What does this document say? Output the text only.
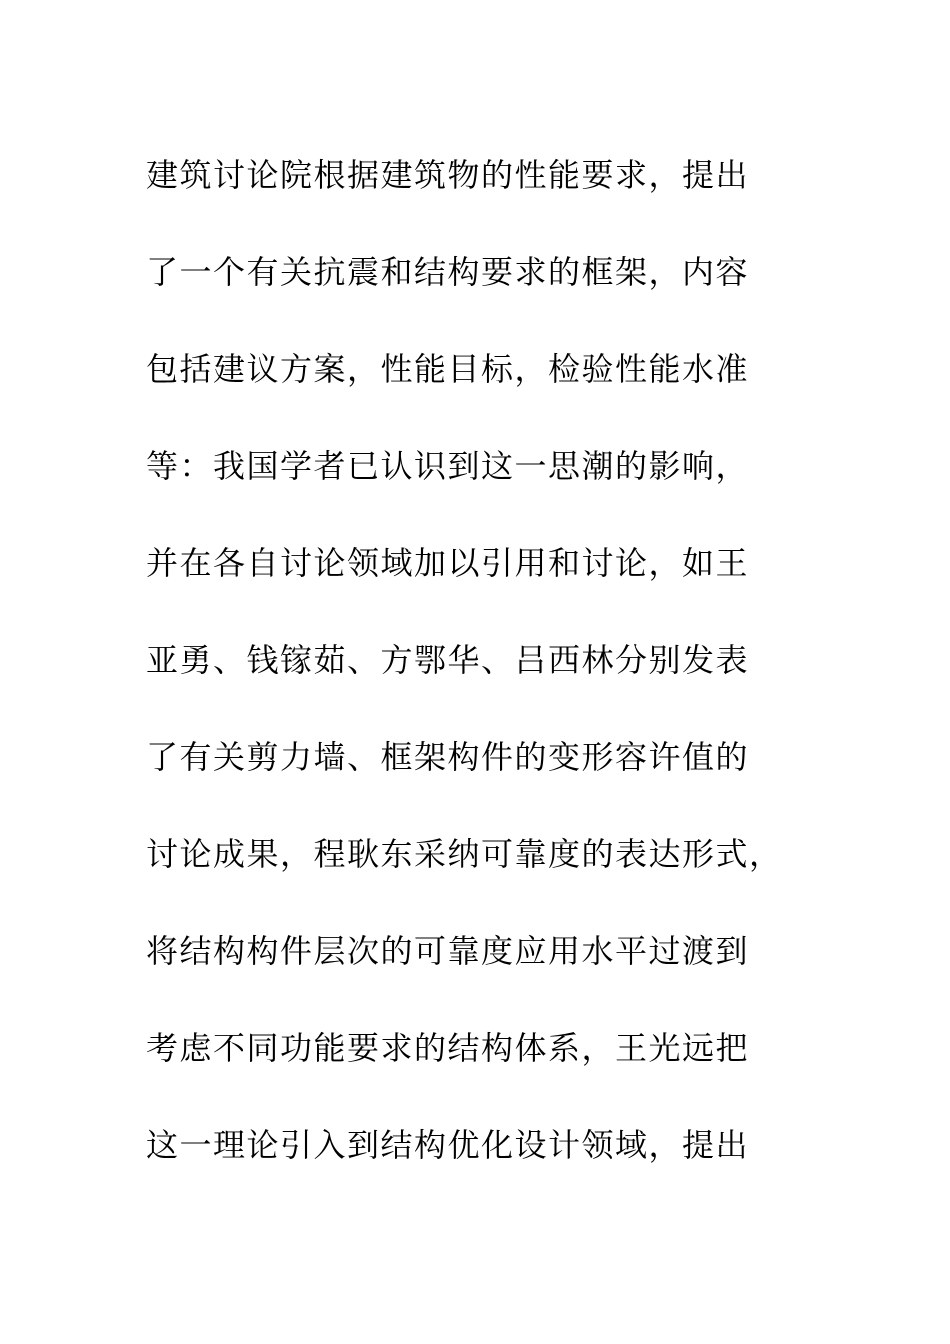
建筑讨论院根据建筑物的性能要求，提出
了一个有关抗震和结构要求的框架，内容
包括建议方案，性能目标，检验性能水准
等：我国学者已认识到这一思潮的影响，
并在各自讨论领域加以引用和讨论，如王
亚勇、钱镓茹、方鄂华、吕西林分别发表
了有关剪力墙、框架构件的变形容许值的
讨论成果，程耿东采纳可靠度的表达形式，
将结构构件层次的可靠度应用水平过渡到
考虑不同功能要求的结构体系，王光远把
这一理论引入到结构优化设计领域，提出
